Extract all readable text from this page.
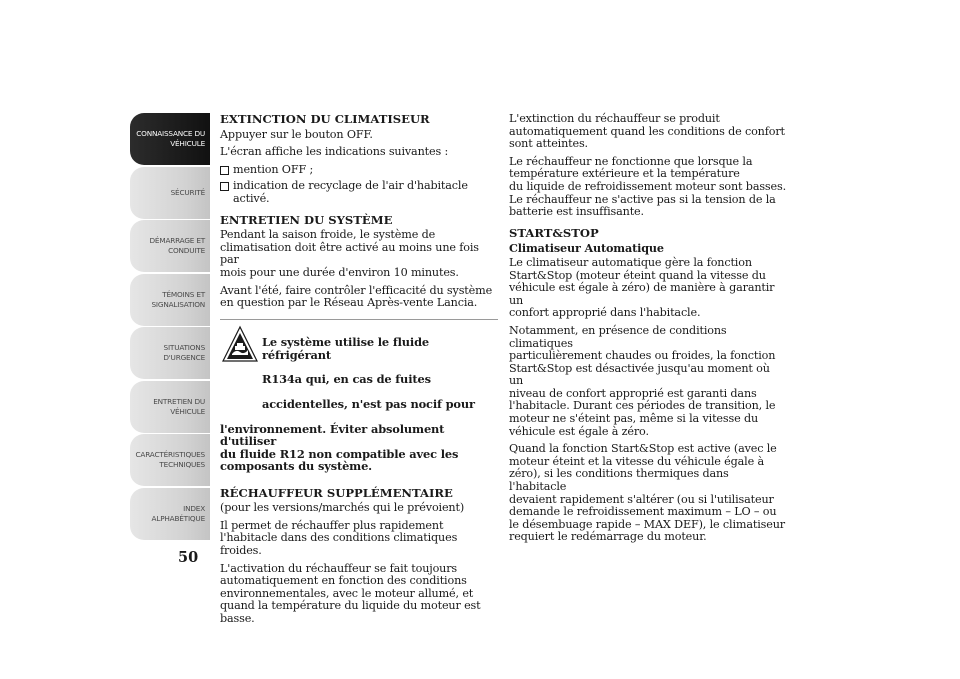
CONNAISSANCE DU
VÉHICULE
SÉCURITÉ
DÉMARRAGE ET
CONDUITE
TÉMOINS ET
SIGNALISATION
SITUATIONS
D'URGENCE
ENTRETIEN DU
VÉHICULE
CARACTÉRISTIQUES
TECHNIQUES
INDEX
ALPHABÉTIQUE
50
EXTINCTION DU CLIMATISEUR

Appuyer sur le bouton OFF.

L'écran affiche les indications suivantes :

mention OFF ;
indication de recyclage de l'air d'habitacle
activé.
ENTRETIEN DU SYSTÈME

Pendant la saison froide, le système de
climatisation doit être activé au moins une fois par
mois pour une durée d'environ 10 minutes.

Avant l'été, faire contrôler l'efficacité du système
en question par le Réseau Après-vente Lancia.

Le système utilise le fluide réfrigérant

R134a qui, en cas de fuites

accidentelles, n'est pas nocif pour

l'environnement. Éviter absolument d'utiliser
du fluide R12 non compatible avec les
composants du système.

RÉCHAUFFEUR SUPPLÉMENTAIRE

(pour les versions/marchés qui le prévoient)

Il permet de réchauffer plus rapidement
l'habitacle dans des conditions climatiques froides.

L'activation du réchauffeur se fait toujours
automatiquement en fonction des conditions
environnementales, avec le moteur allumé, et
quand la température du liquide du moteur est
basse.

L'extinction du réchauffeur se produit
automatiquement quand les conditions de confort
sont atteintes.

Le réchauffeur ne fonctionne que lorsque la
température extérieure et la température
du liquide de refroidissement moteur sont basses.
Le réchauffeur ne s'active pas si la tension de la
batterie est insuffisante.

START&STOP
Climatiseur Automatique

Le climatiseur automatique gère la fonction
Start&Stop (moteur éteint quand la vitesse du
véhicule est égale à zéro) de manière à garantir un
confort approprié dans l'habitacle.

Notamment, en présence de conditions climatiques
particulièrement chaudes ou froides, la fonction
Start&Stop est désactivée jusqu'au moment où un
niveau de confort approprié est garanti dans
l'habitacle. Durant ces périodes de transition, le
moteur ne s'éteint pas, même si la vitesse du
véhicule est égale à zéro.

Quand la fonction Start&Stop est active (avec le
moteur éteint et la vitesse du véhicule égale à
zéro), si les conditions thermiques dans l'habitacle
devaient rapidement s'altérer (ou si l'utilisateur
demande le refroidissement maximum – LO – ou
le désembuage rapide – MAX DEF), le climatiseur
requiert le redémarrage du moteur.
